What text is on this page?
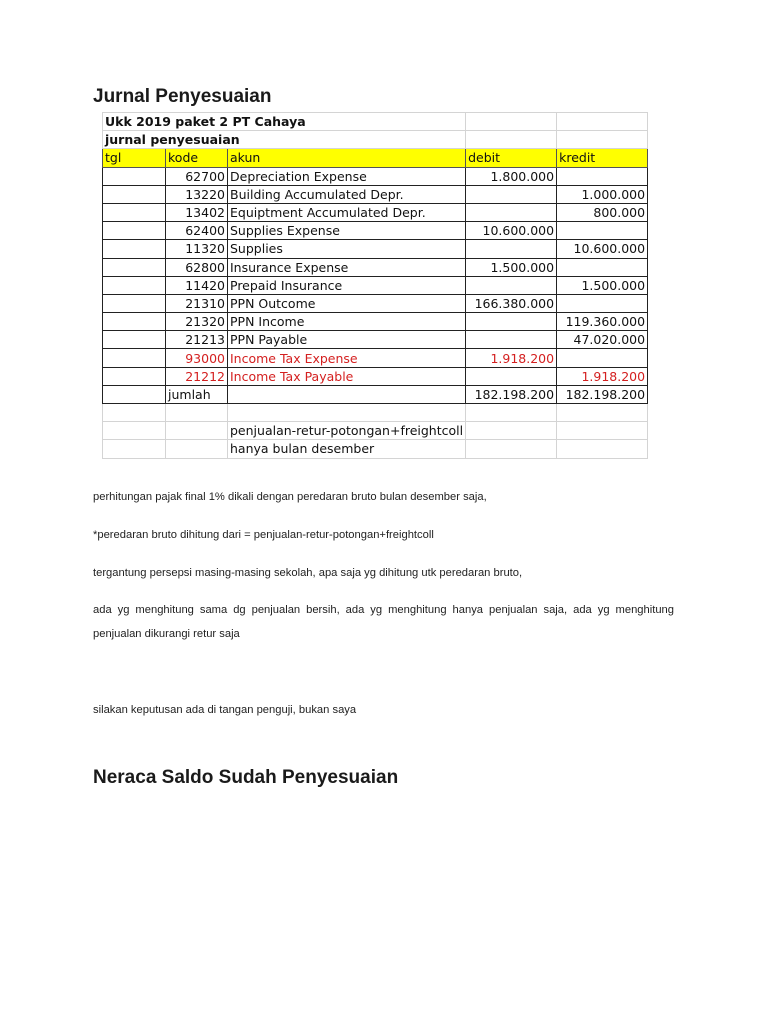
Jurnal Penyesuaian
Ukk 2019 paket 2 PT Cahaya				
jurnal penyesuaian				
tgl	kode	akun	debit	kredit
	62700	Depreciation Expense	1.800.000	
	13220	Building Accumulated Depr.		1.000.000
	13402	Equiptment Accumulated Depr.		800.000
	62400	Supplies Expense	10.600.000	
	11320	Supplies		10.600.000
	62800	Insurance Expense	1.500.000	
	11420	Prepaid Insurance		1.500.000
	21310	PPN Outcome	166.380.000	
	21320	PPN Income		119.360.000
	21213	PPN Payable		47.020.000
	93000	Income Tax Expense	1.918.200	
	21212	Income Tax Payable		1.918.200
	jumlah		182.198.200	182.198.200

		penjualan-retur-potongan+freightcoll		
		hanya bulan desember		

perhitungan pajak final 1% dikali dengan peredaran bruto bulan desember saja,

*peredaran bruto dihitung dari = penjualan-retur-potongan+freightcoll

tergantung persepsi masing-masing sekolah, apa saja yg dihitung utk peredaran bruto,

ada yg menghitung sama dg penjualan bersih, ada yg menghitung hanya penjualan saja, ada yg menghitung penjualan dikurangi retur saja

silakan keputusan ada di tangan penguji, bukan saya

Neraca Saldo Sudah Penyesuaian
